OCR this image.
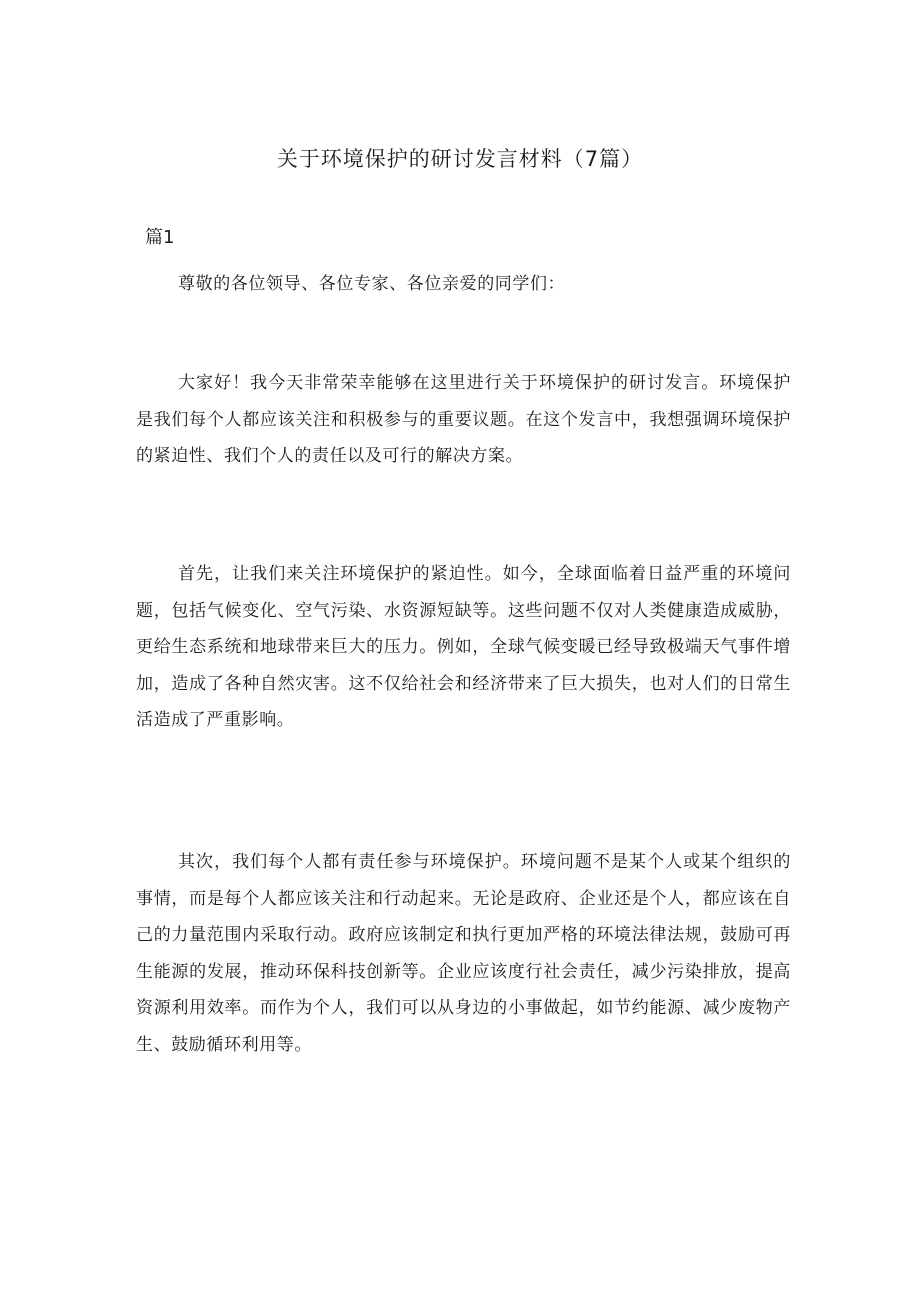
关于环境保护的研讨发言材料（7篇）
篇1

尊敬的各位领导、各位专家、各位亲爱的同学们：

大家好！我今天非常荣幸能够在这里进行关于环境保护的研讨发言。环境保护是我们每个人都应该关注和积极参与的重要议题。在这个发言中，我想强调环境保护的紧迫性、我们个人的责任以及可行的解决方案。

首先，让我们来关注环境保护的紧迫性。如今，全球面临着日益严重的环境问题，包括气候变化、空气污染、水资源短缺等。这些问题不仅对人类健康造成威胁，更给生态系统和地球带来巨大的压力。例如，全球气候变暖已经导致极端天气事件增加，造成了各种自然灾害。这不仅给社会和经济带来了巨大损失，也对人们的日常生活造成了严重影响。

其次，我们每个人都有责任参与环境保护。环境问题不是某个人或某个组织的事情，而是每个人都应该关注和行动起来。无论是政府、企业还是个人，都应该在自己的力量范围内采取行动。政府应该制定和执行更加严格的环境法律法规，鼓励可再生能源的发展，推动环保科技创新等。企业应该度行社会责任，减少污染排放，提高资源利用效率。而作为个人，我们可以从身边的小事做起，如节约能源、减少废物产生、鼓励循环利用等。
